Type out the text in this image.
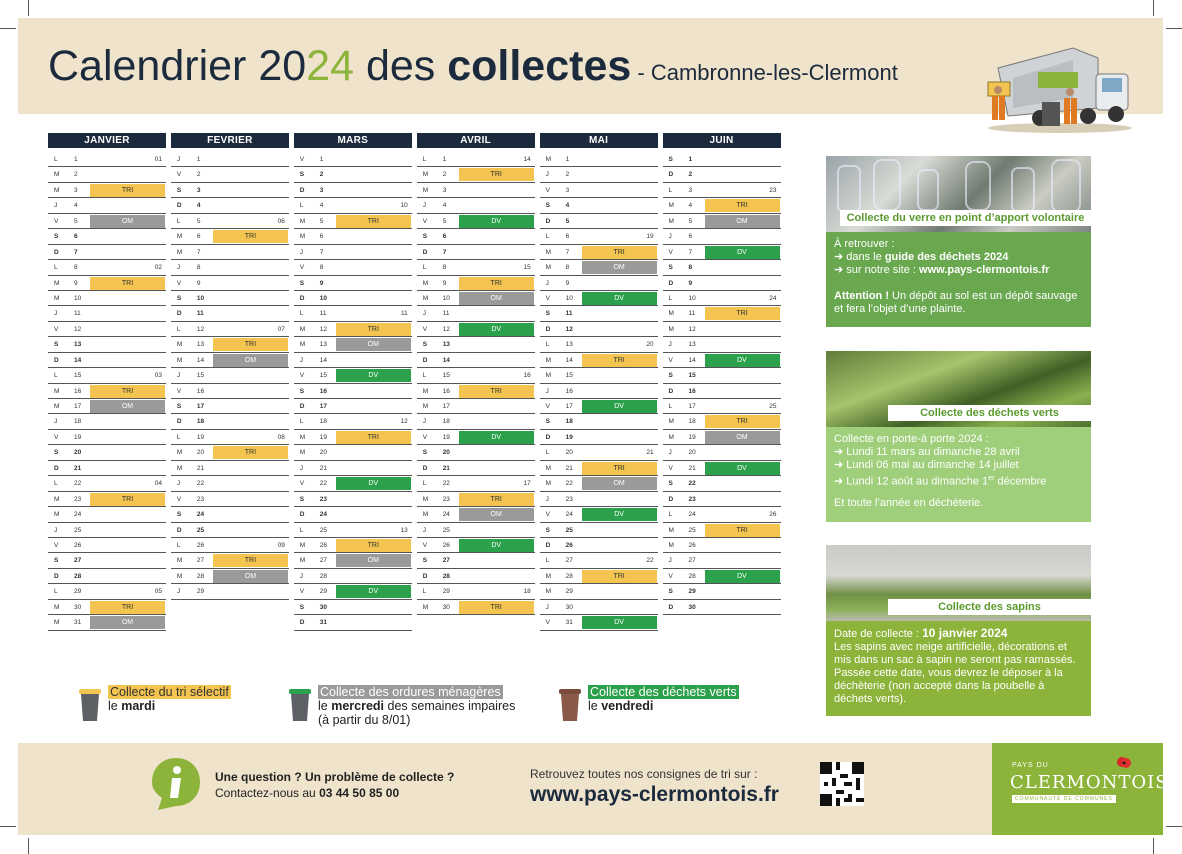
Calendrier 2024 des collectes - Cambronne-les-Clermont
JANVIER
L	1	01
M 2
M 3	TRI
J	4
V 5	OM
S 6
D 7
L	8	02
M 9	TRI
M 10
J	11
V 12
S 13
D 14
L	15	03
M 16	TRI
M 17	OM
J	18
V 19
S 20
D 21
L	22	04
M 23	TRI
M 24
J	25
V 26
S 27
D 28
L	29	05
M 30	TRI
M 31	OM
FEVRIER
J	1
V 2
S 3
D 4
L	5	06
M 6	TRI
M 7
J	8
V 9
S 10
D 11
L	12	07
M 13	TRI
M 14	OM
J	15
V 16
S 17
D 18
L	19	08
M 20	TRI
M 21
J	22
V 23
S 24
D 25
L	26	09
M 27	TRI
M 28	OM
J	29
MARS
V 1
S 2
D 3
L	4	10
M 5	TRI
M 6
J	7
V 8
S 9
D 10
L	11	11
M 12	TRI
M 13	OM
J	14
V 15	DV
S 16
D 17
L	18	12
M 19	TRI
M 20
J	21
V 22	DV
S 23
D 24
L	25	13
M 26	TRI
M 27	OM
J	28
V 29	DV
S 30
D 31
AVRIL
L	1	14
M 2	TRI
M 3
J	4
V 5	DV
S 6
D 7
L	8	15
M 9	TRI
M 10	OM
J	11
V 12	DV
S 13
D 14
L	15	16
M 16	TRI
M 17
J	18
V 19	DV
S 20
D 21
L	22	17
M 23	TRI
M 24	OM
J	25
V 26	DV
S 27
D 28
L	29	18
M 30	TRI
MAI
M 1
J	2
V 3
S 4
D 5
L	6	19
M 7	TRI
M 8	OM
J	9
V 10	DV
S 11
D 12
L	13	20
M 14	TRI
M 15
J	16
V 17	DV
S 18
D 19
L	20	21
M 21	TRI
M 22	OM
J	23
V 24	DV
S 25
D 26
L	27	22
M 28	TRI
M 29
J	30
V 31	DV
JUIN
S 1
D 2
L	3	23
M 4	TRI
M 5	OM
J	6
V 7	DV
S 8
D 9
L	10	24
M 11	TRI
M 12
J	13
V 14	DV
S 15
D 16
L	17	25
M 18	TRI
M 19	OM
J	20
V 21	DV
S 22
D 23
L	24	26
M 25	TRI
M 26
J	27
V 28	DV
S 29
D 30
Collecte du verre en point d’apport volontaire
À retrouver :
➜ dans le guide des déchets 2024
➜ sur notre site : www.pays-clermontois.fr
Attention ! Un dépôt au sol est un dépôt sauvage et fera l’objet d’une plainte.
Collecte des déchets verts
Collecte en porte-à porte 2024 :
➜ Lundi 11 mars au dimanche 28 avril
➜ Lundi 06 mai au dimanche 14 juillet
➜ Lundi 12 août au dimanche 1er décembre
Et toute l’année en déchèterie.
Collecte des sapins
Date de collecte : 10 janvier 2024
Les sapins avec neige artificielle, décorations et mis dans un sac à sapin ne seront pas ramassés. Passée cette date, vous devrez le déposer à la déchèterie (non accepté dans la poubelle à déchets verts).
Collecte du tri sélectif
le mardi
Collecte des ordures ménagères
le mercredi des semaines impaires
(à partir du 8/01)
Collecte des déchets verts
le vendredi
Une question ? Un problème de collecte ?
Contactez-nous au 03 44 50 85 00
Retrouvez toutes nos consignes de tri sur :
www.pays-clermontois.fr
PAYS DU
CLERMONTOIS
COMMUNAUTÉ DE COMMUNES
